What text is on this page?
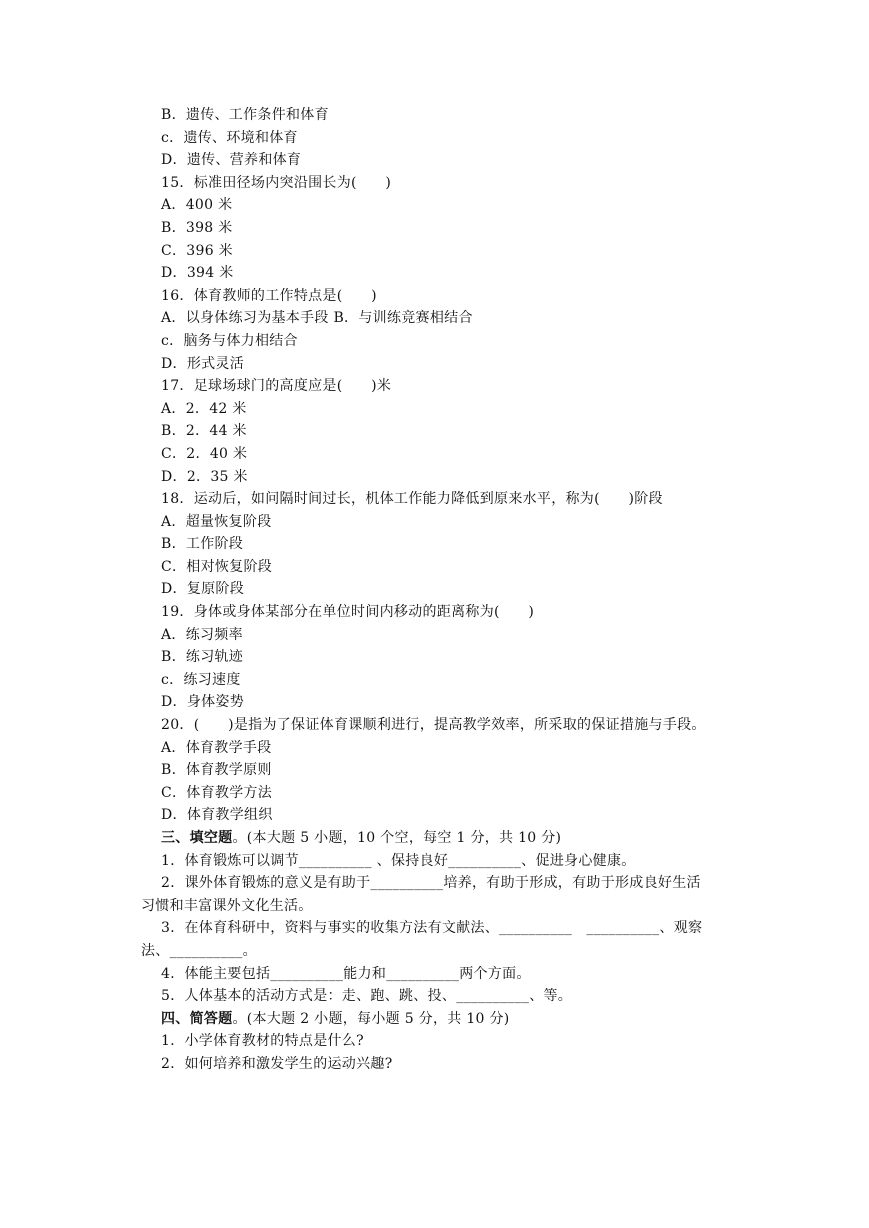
B．遗传、工作条件和体育
c．遗传、环境和体育
D．遗传、营养和体育
15．标准田径场内突沿围长为(　　)
A．400 米
B．398 米
C．396 米
D．394 米
16．体育教师的工作特点是(　　)
A．以身体练习为基本手段 B．与训练竞赛相结合
c．脑务与体力相结合
D．形式灵活
17．足球场球门的高度应是(　　)米
A．2．42 米
B．2．44 米
C．2．40 米
D．2．35 米
18．运动后，如问隔时间过长，机体工作能力降低到原来水平，称为(　　)阶段
A．超量恢复阶段
B．工作阶段
C．相对恢复阶段
D．复原阶段
19．身体或身体某部分在单位时间内移动的距离称为(　　)
A．练习频率
B．练习轨迹
c．练习速度
D．身体姿势
20．(　　)是指为了保证体育课顺利进行，提高教学效率，所采取的保证措施与手段。
A．体育教学手段
B．体育教学原则
C．体育教学方法
D．体育教学组织
三、填空题。(本大题 5 小题，10 个空，每空 1 分，共 10 分)
1．体育锻炼可以调节__________ 、保持良好__________、促进身心健康。
2．课外体育锻炼的意义是有助于__________培养，有助于形成，有助于形成良好生活
习惯和丰富课外文化生活。
3．在体育科研中，资料与事实的收集方法有文献法、__________　__________、观察
法、__________。
4．体能主要包括__________能力和__________两个方面。
5．人体基本的活动方式是：走、跑、跳、投、__________、等。
四、简答题。(本大题 2 小题，每小题 5 分，共 10 分)
1．小学体育教材的特点是什么?
2．如何培养和激发学生的运动兴趣?
